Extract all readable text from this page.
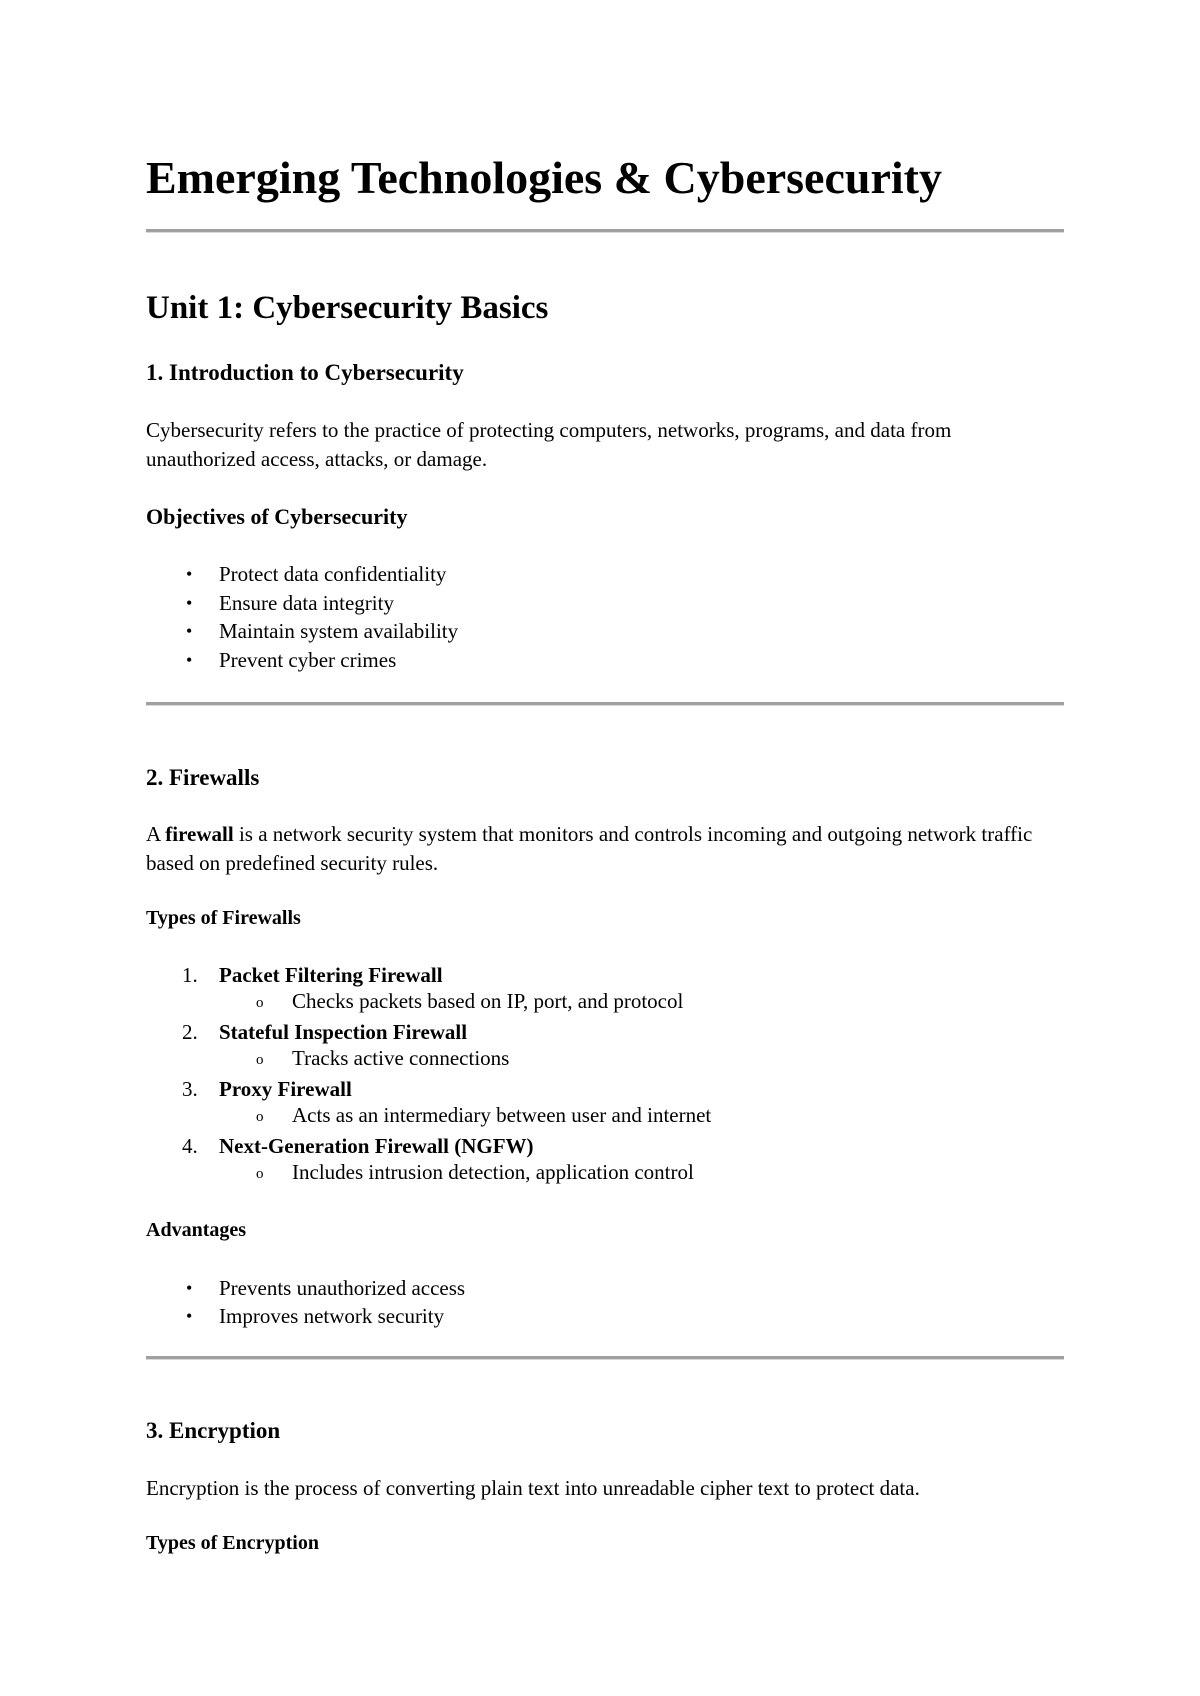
Emerging Technologies & Cybersecurity
Unit 1: Cybersecurity Basics
1. Introduction to Cybersecurity

Cybersecurity refers to the practice of protecting computers, networks, programs, and data from unauthorized access, attacks, or damage.

Objectives of Cybersecurity
• Protect data confidentiality
• Ensure data integrity
• Maintain system availability
• Prevent cyber crimes
2. Firewalls

A firewall is a network security system that monitors and controls incoming and outgoing network traffic based on predefined security rules.

Types of Firewalls
1. Packet Filtering Firewall
o Checks packets based on IP, port, and protocol
2. Stateful Inspection Firewall
o Tracks active connections
3. Proxy Firewall
o Acts as an intermediary between user and internet
4. Next-Generation Firewall (NGFW)
o Includes intrusion detection, application control
Advantages
• Prevents unauthorized access
• Improves network security
3. Encryption

Encryption is the process of converting plain text into unreadable cipher text to protect data.

Types of Encryption
